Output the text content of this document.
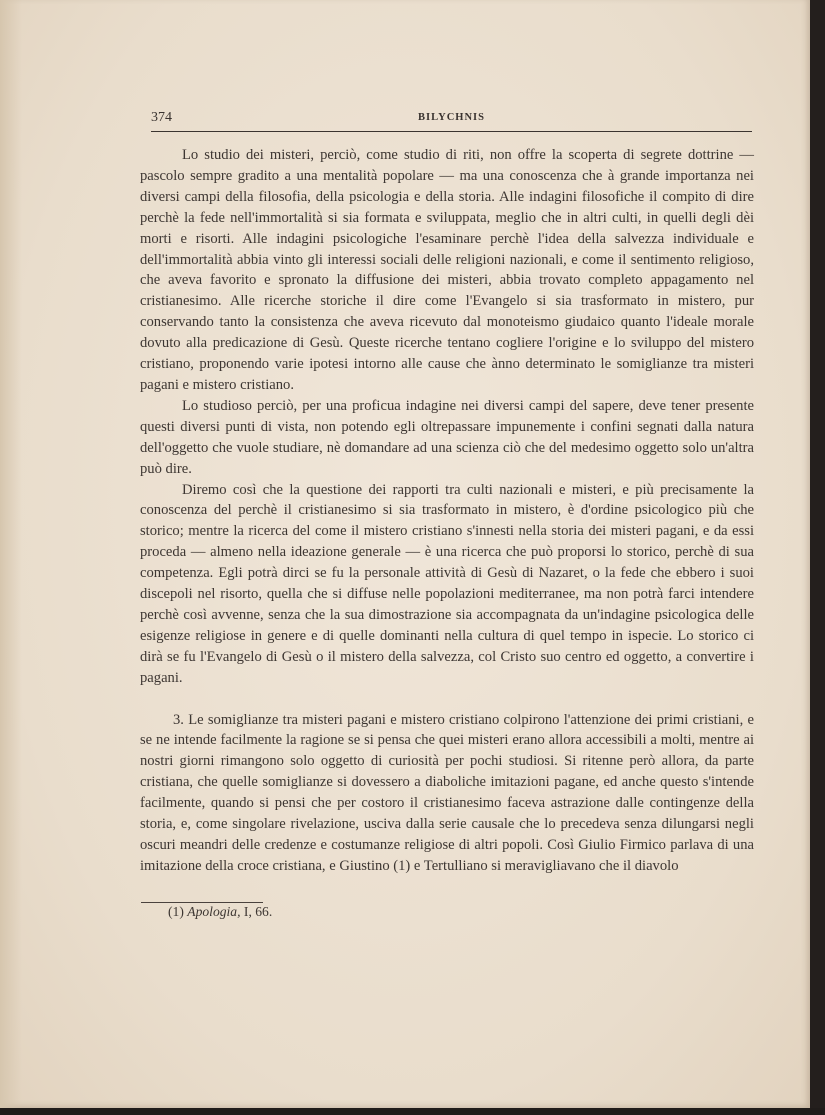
374	BILYCHNIS

Lo studio dei misteri, perciò, come studio di riti, non offre la scoperta di segrete dottrine — pascolo sempre gradito a una mentalità popolare — ma una conoscenza che à grande importanza nei diversi campi della filosofia, della psicologia e della storia. Alle indagini filosofiche il compito di dire perchè la fede nell'immortalità si sia formata e sviluppata, meglio che in altri culti, in quelli degli dèi morti e risorti. Alle indagini psicologiche l'esaminare perchè l'idea della salvezza individuale e dell'immortalità abbia vinto gli interessi sociali delle religioni nazionali, e come il sentimento religioso, che aveva favorito e spronato la diffusione dei misteri, abbia trovato completo appagamento nel cristianesimo. Alle ricerche storiche il dire come l'Evangelo si sia trasformato in mistero, pur conservando tanto la consistenza che aveva ricevuto dal monoteismo giudaico quanto l'ideale morale dovuto alla predicazione di Gesù. Queste ricerche tentano cogliere l'origine e lo sviluppo del mistero cristiano, proponendo varie ipotesi intorno alle cause che ànno determinato le somiglianze tra misteri pagani e mistero cristiano.

Lo studioso perciò, per una proficua indagine nei diversi campi del sapere, deve tener presente questi diversi punti di vista, non potendo egli oltrepassare impunemente i confini segnati dalla natura dell'oggetto che vuole studiare, nè domandare ad una scienza ciò che del medesimo oggetto solo un'altra può dire.

Diremo così che la questione dei rapporti tra culti nazionali e misteri, e più precisamente la conoscenza del perchè il cristianesimo si sia trasformato in mistero, è d'ordine psicologico più che storico; mentre la ricerca del come il mistero cristiano s'innesti nella storia dei misteri pagani, e da essi proceda — almeno nella ideazione generale — è una ricerca che può proporsi lo storico, perchè di sua competenza. Egli potrà dirci se fu la personale attività di Gesù di Nazaret, o la fede che ebbero i suoi discepoli nel risorto, quella che si diffuse nelle popolazioni mediterranee, ma non potrà farci intendere perchè così avvenne, senza che la sua dimostrazione sia accompagnata da un'indagine psicologica delle esigenze religiose in genere e di quelle dominanti nella cultura di quel tempo in ispecie. Lo storico ci dirà se fu l'Evangelo di Gesù o il mistero della salvezza, col Cristo suo centro ed oggetto, a convertire i pagani.

3. Le somiglianze tra misteri pagani e mistero cristiano colpirono l'attenzione dei primi cristiani, e se ne intende facilmente la ragione se si pensa che quei misteri erano allora accessibili a molti, mentre ai nostri giorni rimangono solo oggetto di curiosità per pochi studiosi. Si ritenne però allora, da parte cristiana, che quelle somiglianze si dovessero a diaboliche imitazioni pagane, ed anche questo s'intende facilmente, quando si pensi che per costoro il cristianesimo faceva astrazione dalle contingenze della storia, e, come singolare rivelazione, usciva dalla serie causale che lo precedeva senza dilungarsi negli oscuri meandri delle credenze e costumanze religiose di altri popoli. Così Giulio Firmico parlava di una imitazione della croce cristiana, e Giustino (1) e Tertulliano si meravigliavano che il diavolo

(1) Apologia, I, 66.
